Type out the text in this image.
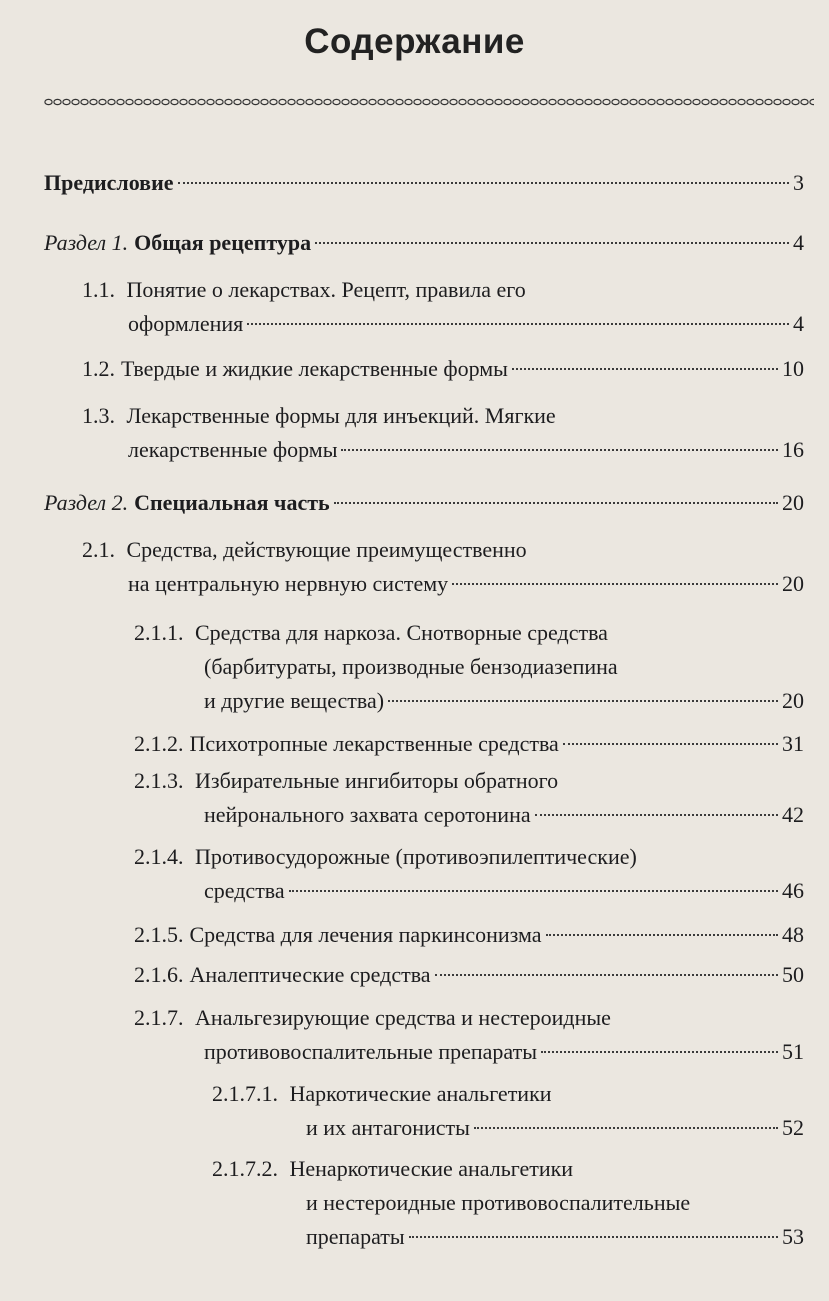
Содержание
Предисловие	3
Раздел 1. Общая рецептура	4
1.1. Понятие о лекарствах. Рецепт, правила его
оформления	4
1.2. Твердые и жидкие лекарственные формы	10
1.3. Лекарственные формы для инъекций. Мягкие
лекарственные формы	16
Раздел 2. Специальная часть	20
2.1. Средства, действующие преимущественно
на центральную нервную систему	20
2.1.1. Средства для наркоза. Снотворные средства
(барбитураты, производные бензодиазепина
и другие вещества)	20
2.1.2. Психотропные лекарственные средства	31
2.1.3. Избирательные ингибиторы обратного
нейронального захвата серотонина	42
2.1.4. Противосудорожные (противоэпилептические)
средства	46
2.1.5. Средства для лечения паркинсонизма	48
2.1.6. Аналептические средства	50
2.1.7. Анальгезирующие средства и нестероидные
противовоспалительные препараты	51
2.1.7.1. Наркотические анальгетики
и их антагонисты	52
2.1.7.2. Ненаркотические анальгетики
и нестероидные противовоспалительные
препараты	53
